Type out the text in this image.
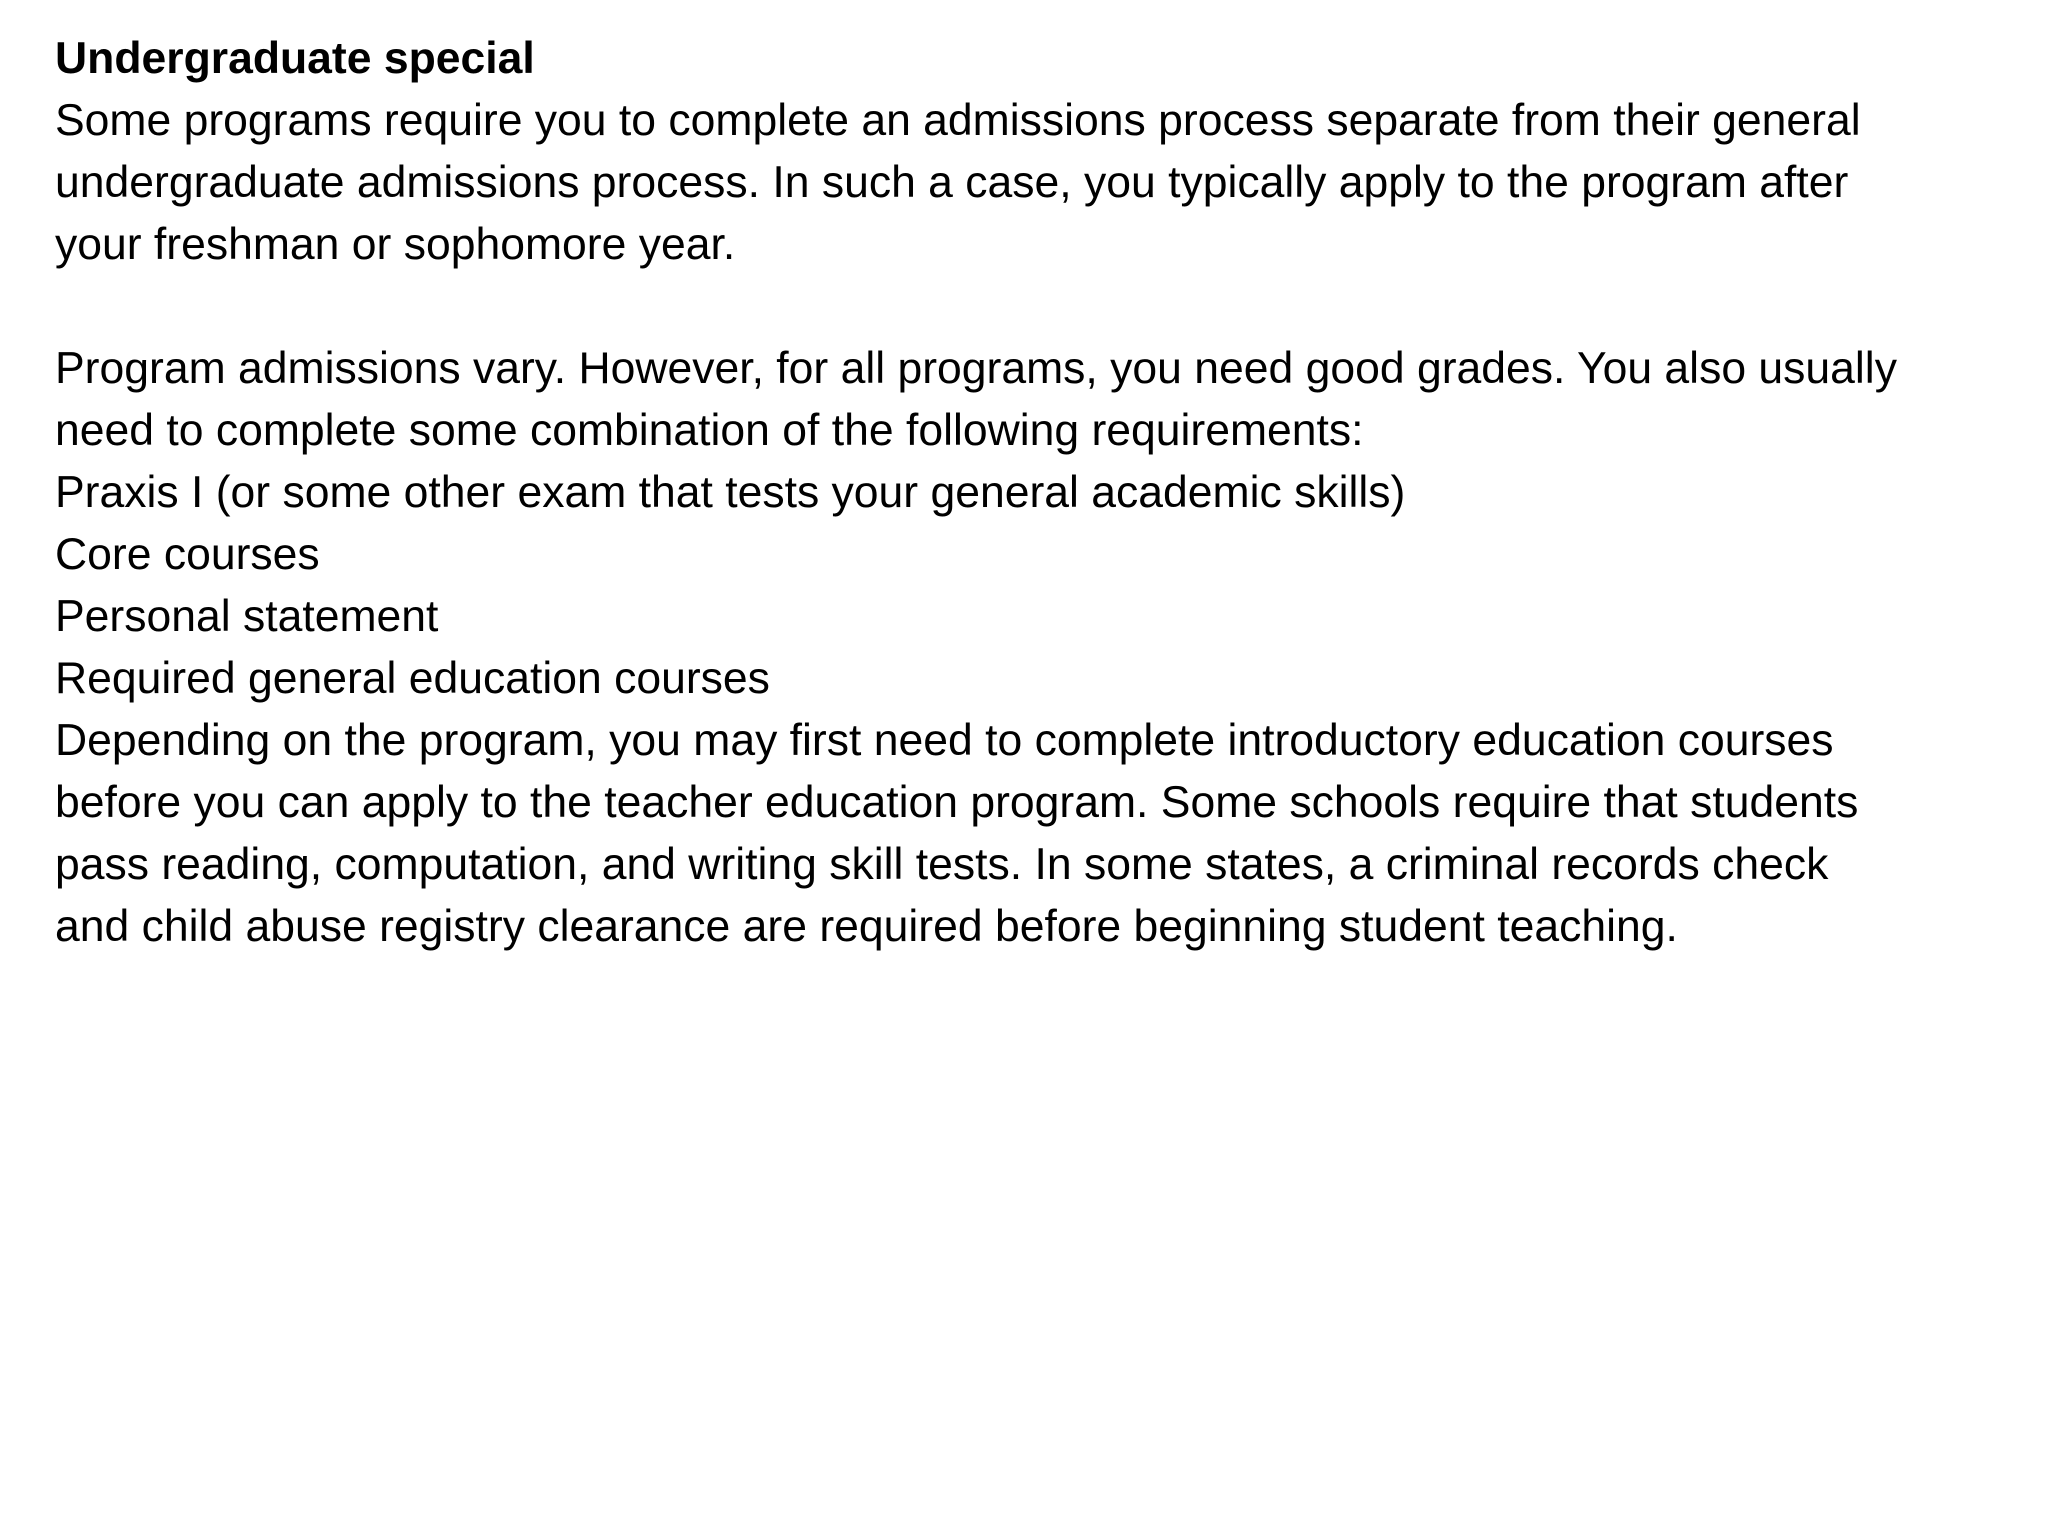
Undergraduate special
Some programs require you to complete an admissions process separate from their general
undergraduate admissions process. In such a case, you typically apply to the program after
your freshman or sophomore year.
Program admissions vary. However, for all programs, you need good grades. You also usually
need to complete some combination of the following requirements:
Praxis I (or some other exam that tests your general academic skills)
Core courses
Personal statement
Required general education courses
Depending on the program, you may first need to complete introductory education courses
before you can apply to the teacher education program. Some schools require that students
pass reading, computation, and writing skill tests. In some states, a criminal records check
and child abuse registry clearance are required before beginning student teaching.
